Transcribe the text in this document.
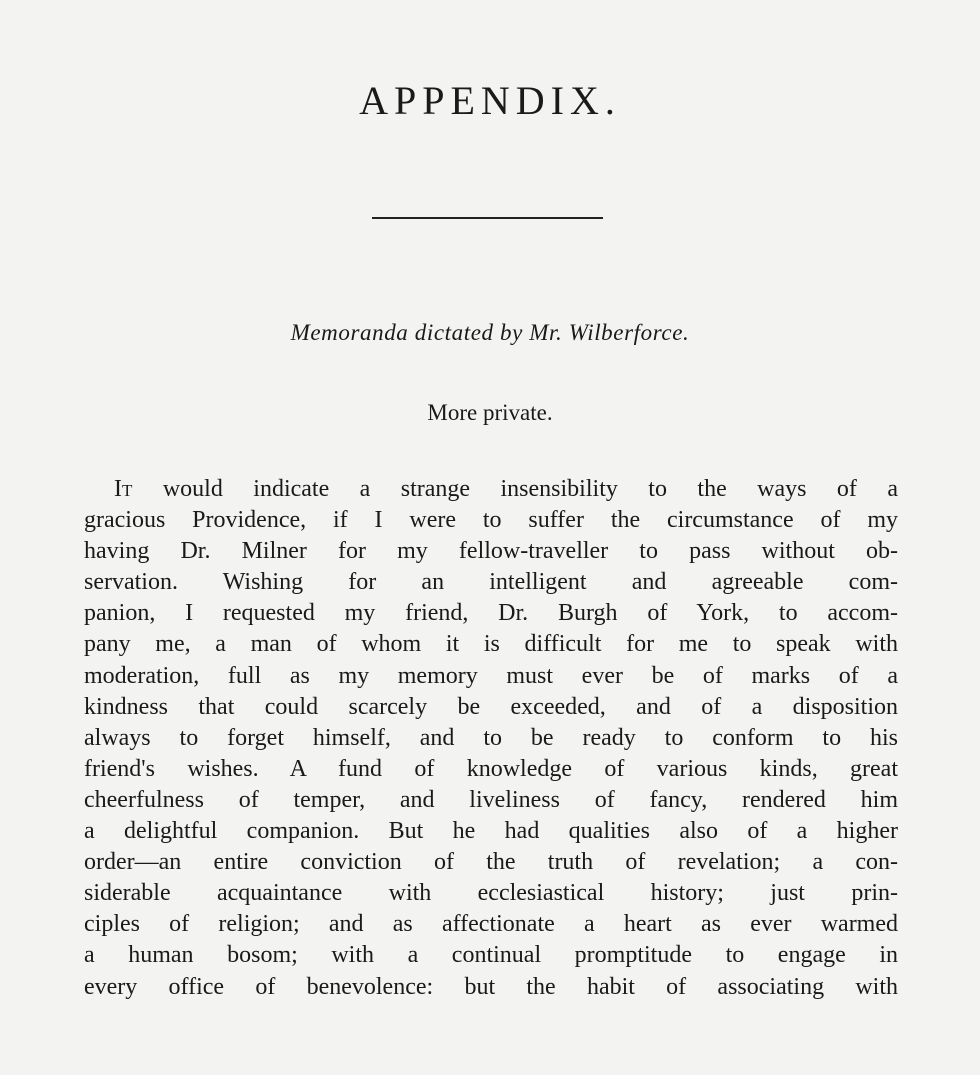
APPENDIX.
Memoranda dictated by Mr. Wilberforce.
More private.
It would indicate a strange insensibility to the ways of a
gracious Providence, if I were to suffer the circumstance of my
having Dr. Milner for my fellow-traveller to pass without ob-
servation. Wishing for an intelligent and agreeable com-
panion, I requested my friend, Dr. Burgh of York, to accom-
pany me, a man of whom it is difficult for me to speak with
moderation, full as my memory must ever be of marks of a
kindness that could scarcely be exceeded, and of a disposition
always to forget himself, and to be ready to conform to his
friend's wishes. A fund of knowledge of various kinds, great
cheerfulness of temper, and liveliness of fancy, rendered him
a delightful companion. But he had qualities also of a higher
order—an entire conviction of the truth of revelation; a con-
siderable acquaintance with ecclesiastical history; just prin-
ciples of religion; and as affectionate a heart as ever warmed
a human bosom; with a continual promptitude to engage in
every office of benevolence: but the habit of associating with
